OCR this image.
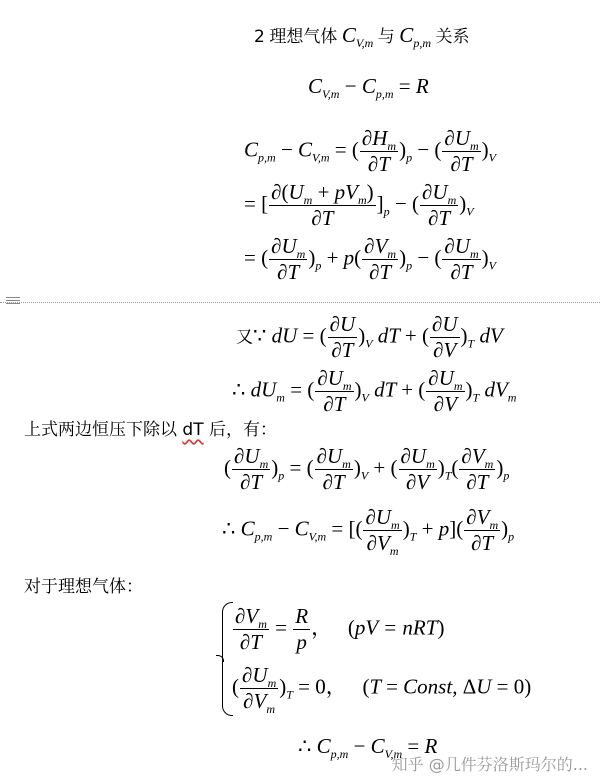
2 理想气体 $C_{V,m}$ 与 $C_{p,m}$ 关系
$C_{V,m} - C_{p,m} = R$
$C_{p,m} - C_{V,m}$ = ( $\frac{\partial H_m}{\partial T} )_p$ − ( $\frac{\partial U_m}{\partial T} )_V$
= [ $\frac{\partial(U_m + pV_m)}{\partial T} ]_p$ − ( $\frac{\partial U_m}{\partial T} )_V$
= ( $\frac{\partial U_m}{\partial T} )_p + p( \frac{\partial V_m}{\partial T} )_p$ − ( $\frac{\partial U_m}{\partial T} )_V$
又∵ dU = ( $\frac{\partial U}{\partial T} )_V$ dT + ( $\frac{\partial U}{\partial V} )_T$ dV
∴ $dU_m$ = ( $\frac{\partial U_m}{\partial T} )_V$ dT + ( $\frac{\partial U_m}{\partial V} )_T$ $dV_m$
上式两边恒压下除以 dT 后，有：
( $\frac{\partial U_m}{\partial T} )_p$ = ( $\frac{\partial U_m}{\partial T} )_V$ + ( $\frac{\partial U_m}{\partial V} )_T( \frac{\partial V_m}{\partial T} )_p$
∴ $C_{p,m} - C_{V,m}$ = [( $\frac{\partial U_m}{\partial V_m} )_T + p]( \frac{\partial V_m}{\partial T} )_p$
对于理想气体：
$\frac{\partial V_m}{\partial T} = \frac{R}{p}$ ， (pV = nRT)
( $\frac{\partial U_m}{\partial V_m} )_T = 0$， (T = Const, ΔU = 0)
∴ $C_{p,m} - C_{V,m} = R$
知乎 @几件芬洛斯玛尔的...
